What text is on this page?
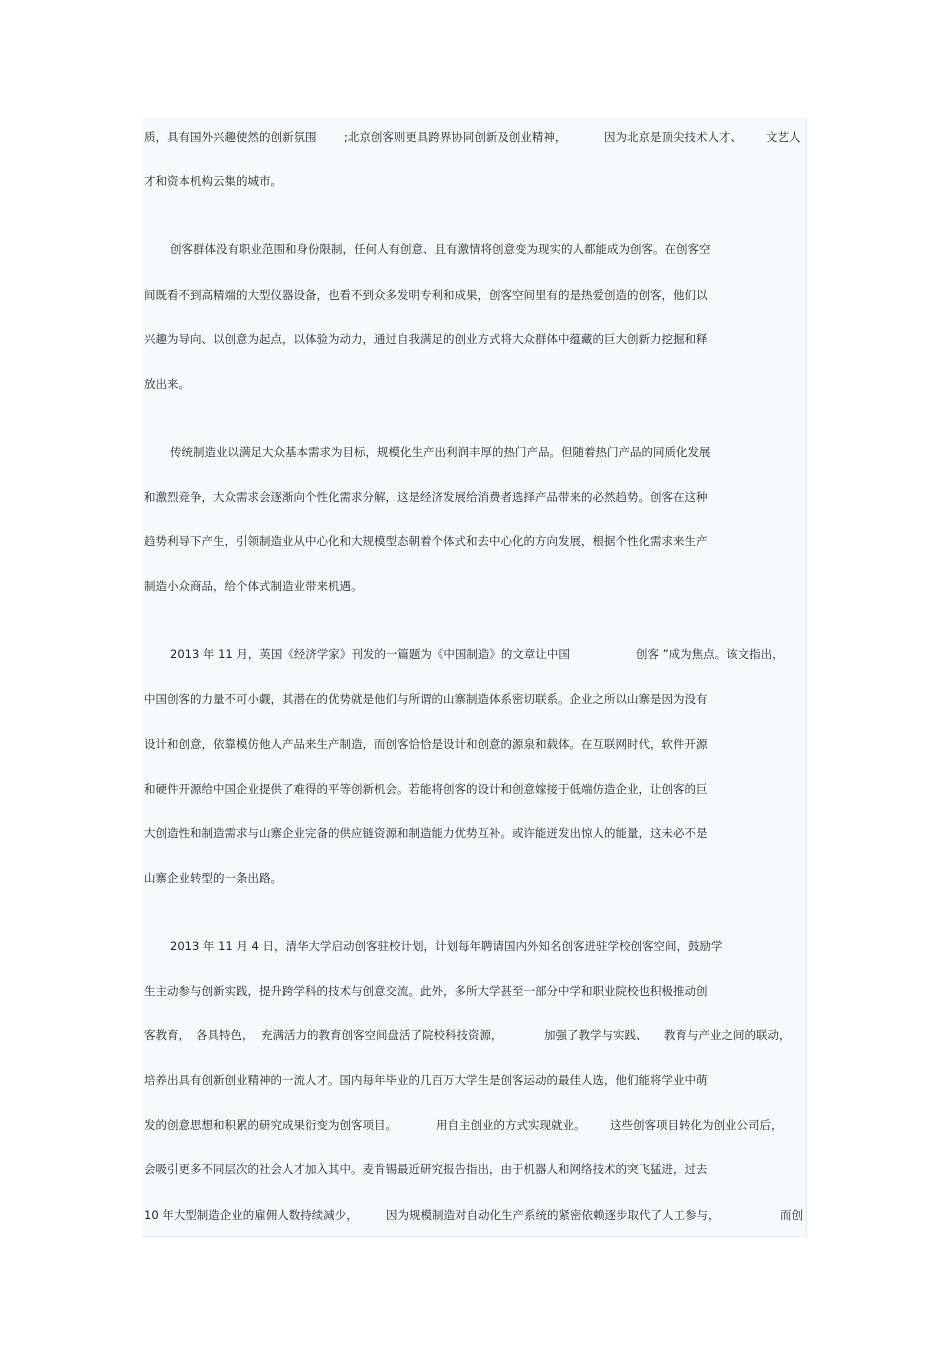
质，具有国外兴趣使然的创新氛围 ;北京创客则更具跨界协同创新及创业精神，	因为北京是顶尖技术人才、 文艺人
才和资本机构云集的城市。
创客群体没有职业范围和身份限制，任何人有创意、且有激情将创意变为现实的人都能成为创客。在创客空
间既看不到高精端的大型仪器设备，也看不到众多发明专利和成果，创客空间里有的是热爱创造的创客，他们以
兴趣为导向、以创意为起点，以体验为动力，通过自我满足的创业方式将大众群体中蕴藏的巨大创新力挖掘和释
放出来。
传统制造业以满足大众基本需求为目标，规模化生产出利润丰厚的热门产品。但随着热门产品的同质化发展
和激烈竞争，大众需求会逐渐向个性化需求分解，这是经济发展给消费者选择产品带来的必然趋势。创客在这种
趋势利导下产生，引领制造业从中心化和大规模型态朝着个体式和去中心化的方向发展，根据个性化需求来生产
制造小众商品，给个体式制造业带来机遇。
2013 年 11 月，英国《经济学家》刊发的一篇题为《中国制造》的文章让中国	创客 ”成为焦点。该文指出，
中国创客的力量不可小觑，其潜在的优势就是他们与所谓的山寨制造体系密切联系。企业之所以山寨是因为没有
设计和创意，依靠模仿他人产品来生产制造，而创客恰恰是设计和创意的源泉和载体。在互联网时代，软件开源
和硬件开源给中国企业提供了难得的平等创新机会。若能将创客的设计和创意嫁接于低端仿造企业，让创客的巨
大创造性和制造需求与山寨企业完备的供应链资源和制造能力优势互补。或许能迸发出惊人的能量，这未必不是
山寨企业转型的一条出路。
2013 年 11 月 4 日，清华大学启动创客驻校计划，计划每年聘请国内外知名创客进驻学校创客空间，鼓励学
生主动参与创新实践，提升跨学科的技术与创意交流。此外，多所大学甚至一部分中学和职业院校也积极推动创
客教育， 各具特色， 充满活力的教育创客空间盘活了院校科技资源，	加强了教学与实践、 教育与产业之间的联动，
培养出具有创新创业精神的一流人才。国内每年毕业的几百万大学生是创客运动的最佳人选，他们能将学业中萌
发的创意思想和积累的研究成果衍变为创客项目。	用自主创业的方式实现就业。 这些创客项目转化为创业公司后，
会吸引更多不同层次的社会人才加入其中。麦肯锡最近研究报告指出，由于机器人和网络技术的突飞猛进，过去
10 年大型制造企业的雇佣人数持续减少， 因为规模制造对自动化生产系统的紧密依赖逐步取代了人工参与，	而创
